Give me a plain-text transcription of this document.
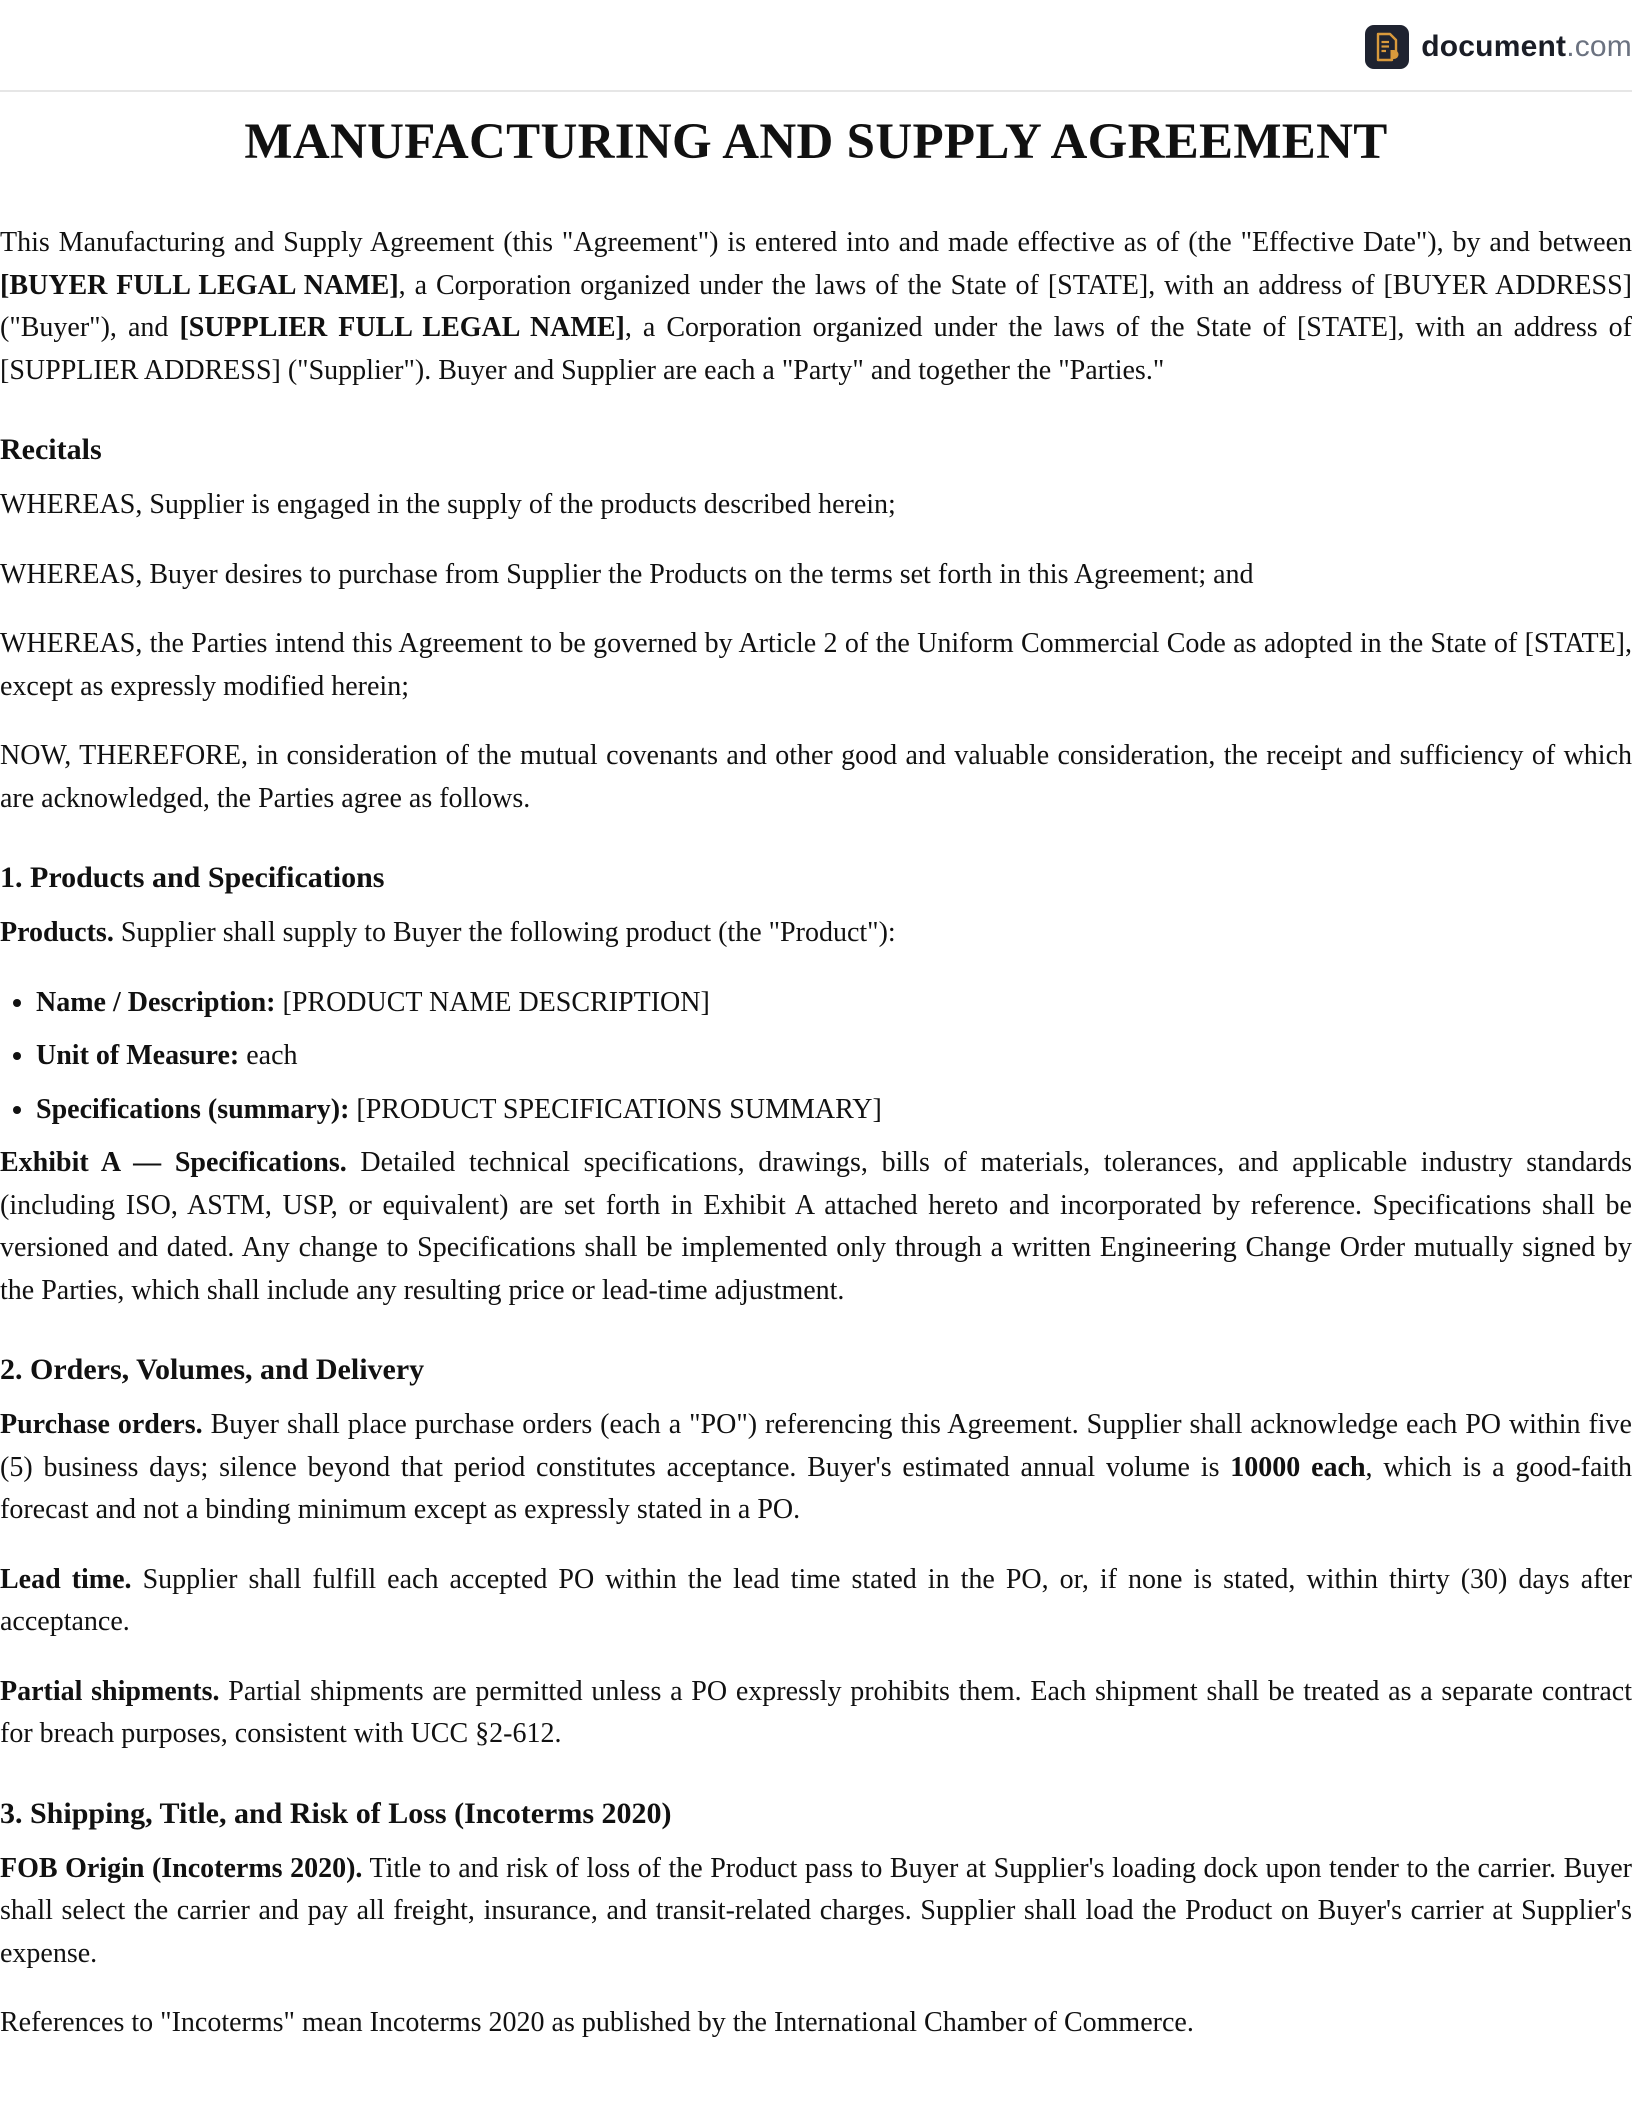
document.com
MANUFACTURING AND SUPPLY AGREEMENT

This Manufacturing and Supply Agreement (this "Agreement") is entered into and made effective as of (the "Effective Date"), by and between [BUYER FULL LEGAL NAME], a Corporation organized under the laws of the State of [STATE], with an address of [BUYER ADDRESS] ("Buyer"), and [SUPPLIER FULL LEGAL NAME], a Corporation organized under the laws of the State of [STATE], with an address of [SUPPLIER ADDRESS] ("Supplier"). Buyer and Supplier are each a "Party" and together the "Parties."

Recitals

WHEREAS, Supplier is engaged in the supply of the products described herein;

WHEREAS, Buyer desires to purchase from Supplier the Products on the terms set forth in this Agreement; and

WHEREAS, the Parties intend this Agreement to be governed by Article 2 of the Uniform Commercial Code as adopted in the State of [STATE], except as expressly modified herein;

NOW, THEREFORE, in consideration of the mutual covenants and other good and valuable consideration, the receipt and sufficiency of which are acknowledged, the Parties agree as follows.

1. Products and Specifications

Products. Supplier shall supply to Buyer the following product (the "Product"):

• Name / Description: [PRODUCT NAME DESCRIPTION]
• Unit of Measure: each
• Specifications (summary): [PRODUCT SPECIFICATIONS SUMMARY]

Exhibit A — Specifications. Detailed technical specifications, drawings, bills of materials, tolerances, and applicable industry standards (including ISO, ASTM, USP, or equivalent) are set forth in Exhibit A attached hereto and incorporated by reference. Specifications shall be versioned and dated. Any change to Specifications shall be implemented only through a written Engineering Change Order mutually signed by the Parties, which shall include any resulting price or lead-time adjustment.

2. Orders, Volumes, and Delivery

Purchase orders. Buyer shall place purchase orders (each a "PO") referencing this Agreement. Supplier shall acknowledge each PO within five (5) business days; silence beyond that period constitutes acceptance. Buyer's estimated annual volume is 10000 each, which is a good-faith forecast and not a binding minimum except as expressly stated in a PO.

Lead time. Supplier shall fulfill each accepted PO within the lead time stated in the PO, or, if none is stated, within thirty (30) days after acceptance.

Partial shipments. Partial shipments are permitted unless a PO expressly prohibits them. Each shipment shall be treated as a separate contract for breach purposes, consistent with UCC §2-612.

3. Shipping, Title, and Risk of Loss (Incoterms 2020)

FOB Origin (Incoterms 2020). Title to and risk of loss of the Product pass to Buyer at Supplier's loading dock upon tender to the carrier. Buyer shall select the carrier and pay all freight, insurance, and transit-related charges. Supplier shall load the Product on Buyer's carrier at Supplier's expense.

References to "Incoterms" mean Incoterms 2020 as published by the International Chamber of Commerce.
